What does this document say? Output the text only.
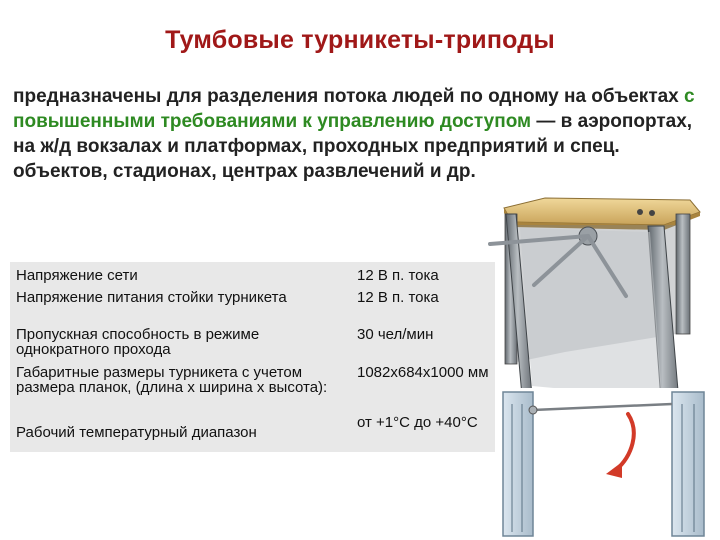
Тумбовые турникеты-триподы
предназначены для разделения потока людей по одному на объектах с повышенными требованиями к управлению доступом — в аэропортах, на ж/д вокзалах и платформах, проходных предприятий и спец. объектов, стадионах, центрах развлечений и др.
Напряжение сети	12 В п. тока
Напряжение питания стойки турникета	12 В п. тока
Пропускная способность в режиме однократного прохода
30 чел/мин
Габаритные размеры турникета с учетом размера планок, (длина х ширина х высота):
1082х684х1000 мм
Рабочий температурный диапазон
от +1°С до +40°С
